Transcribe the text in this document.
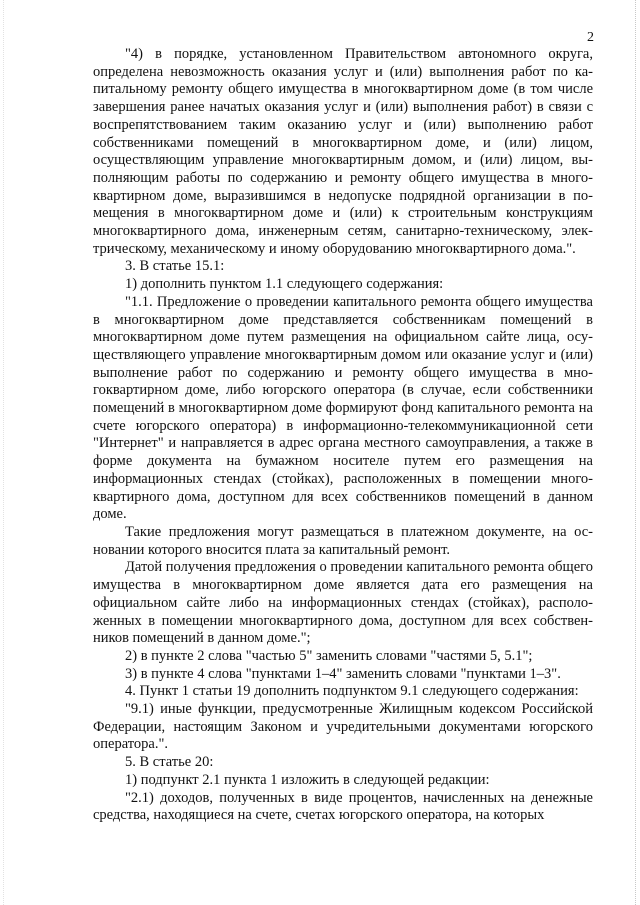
2

"4) в порядке, установленном Правительством автономного округа, определена невозможность оказания услуг и (или) выполнения работ по капитальному ремонту общего имущества в многоквартирном доме (в том числе завершения ранее начатых оказания услуг и (или) выполнения работ) в связи с воспрепятствованием таким оказанию услуг и (или) выполнению работ собственниками помещений в многоквартирном доме, и (или) лицом, осуществляющим управление многоквартирным домом, и (или) лицом, выполняющим работы по содержанию и ремонту общего имущества в многоквартирном доме, выразившимся в недопуске подрядной организации в помещения в многоквартирном доме и (или) к строительным конструкциям многоквартирного дома, инженерным сетям, санитарно-техническому, электрическому, механическому и иному оборудованию многоквартирного дома.".

3. В статье 15.1:

1) дополнить пунктом 1.1 следующего содержания:

"1.1. Предложение о проведении капитального ремонта общего имущества в многоквартирном доме представляется собственникам помещений в многоквартирном доме путем размещения на официальном сайте лица, осуществляющего управление многоквартирным домом или оказание услуг и (или) выполнение работ по содержанию и ремонту общего имущества в многоквартирном доме, либо югорского оператора (в случае, если собственники помещений в многоквартирном доме формируют фонд капитального ремонта на счете югорского оператора) в информационно-телекоммуникационной сети "Интернет" и направляется в адрес органа местного самоуправления, а также в форме документа на бумажном носителе путем его размещения на информационных стендах (стойках), расположенных в помещении многоквартирного дома, доступном для всех собственников помещений в данном доме.

Такие предложения могут размещаться в платежном документе, на основании которого вносится плата за капитальный ремонт.

Датой получения предложения о проведении капитального ремонта общего имущества в многоквартирном доме является дата его размещения на официальном сайте либо на информационных стендах (стойках), расположенных в помещении многоквартирного дома, доступном для всех собственников помещений в данном доме.";

2) в пункте 2 слова "частью 5" заменить словами "частями 5, 5.1";

3) в пункте 4 слова "пунктами 1–4" заменить словами "пунктами 1–3".

4. Пункт 1 статьи 19 дополнить подпунктом 9.1 следующего содержания:

"9.1) иные функции, предусмотренные Жилищным кодексом Российской Федерации, настоящим Законом и учредительными документами югорского оператора.".

5. В статье 20:

1) подпункт 2.1 пункта 1 изложить в следующей редакции:

"2.1) доходов, полученных в виде процентов, начисленных на денежные средства, находящиеся на счете, счетах югорского оператора, на которых
